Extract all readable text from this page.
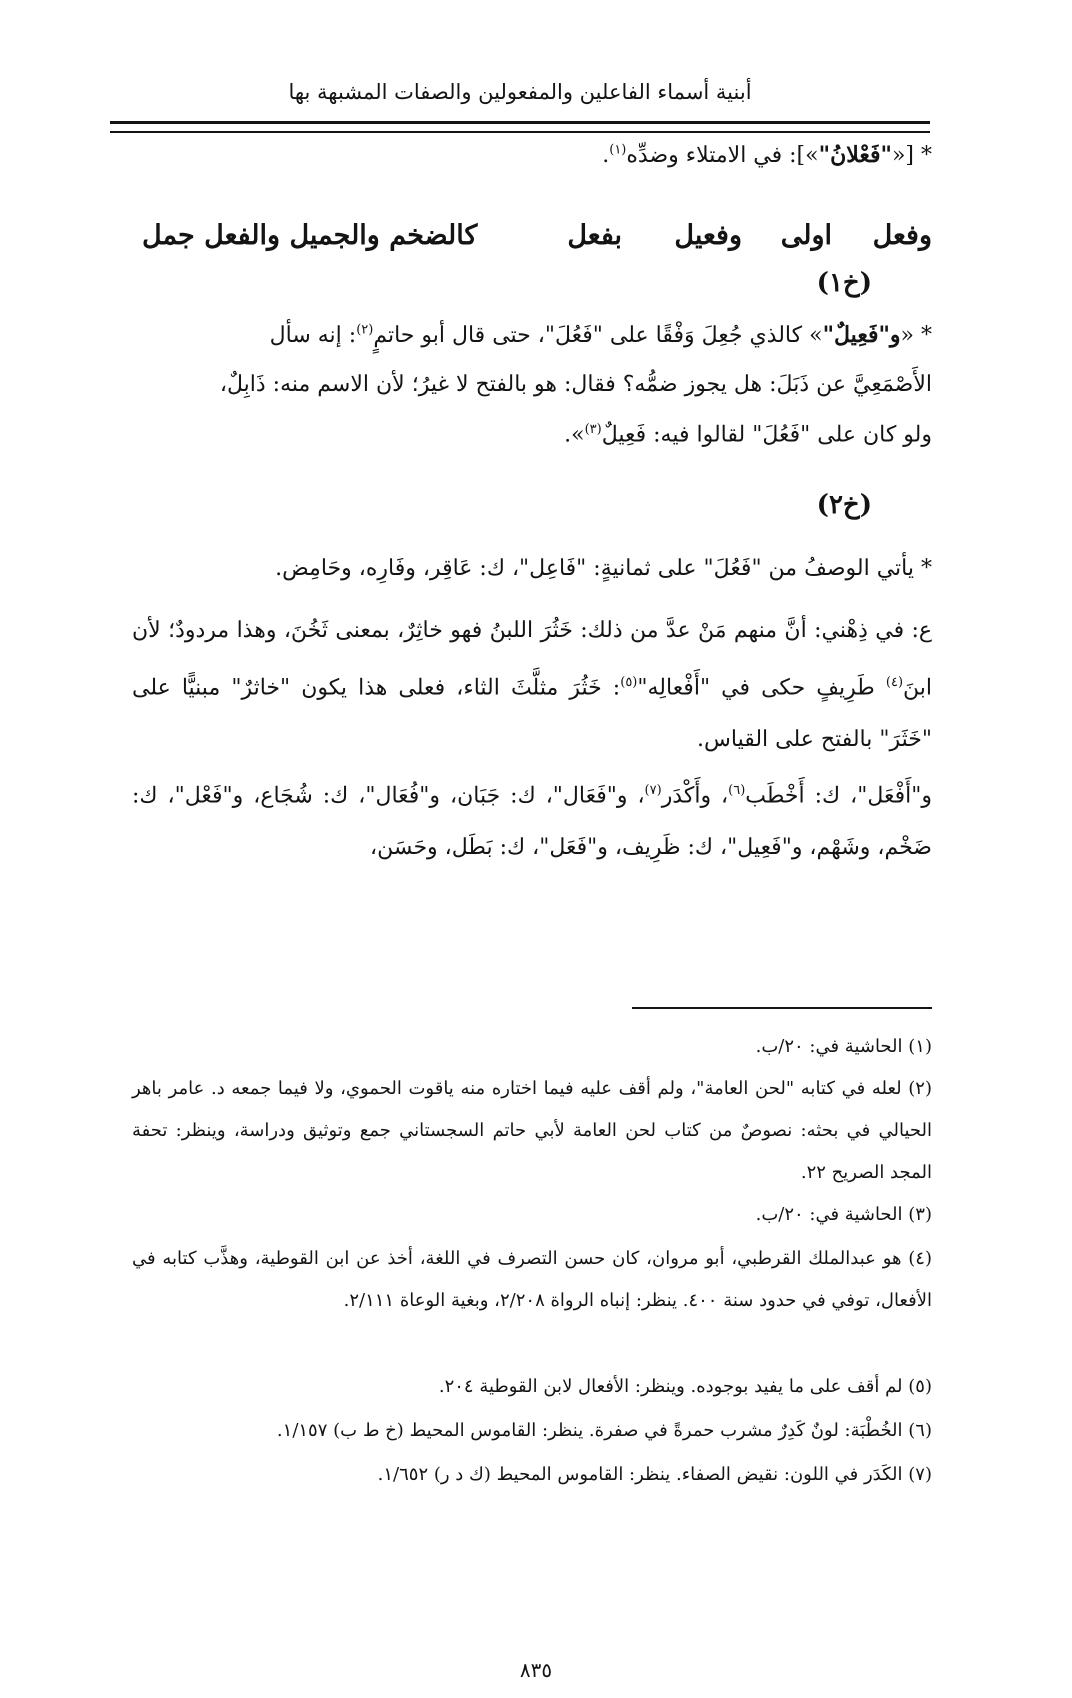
أبنية أسماء الفاعلين والمفعولين والصفات المشبهة بها
* [«"فَعْلانُ"»]: في الامتلاء وضدِّه$^{(١)}$.
وفعل
اولى
وفعيل
بفعل
كالضخم والجميل والفعل جمل
(خ١)
* «و"فَعِيلٌ"» كالذي جُعِلَ وَفْقًا على "فَعُلَ"، حتى قال أبو حاتمٍ$^{(٢)}$: إنه سأل
الأَصْمَعِيَّ عن ذَبَلَ: هل يجوز ضمُّه؟ فقال: هو بالفتح لا غيرُ؛ لأن الاسم منه: ذَابِلٌ،
ولو كان على "فَعُلَ" لقالوا فيه: فَعِيلٌ$^{(٣)}$».
(خ٢)
* يأتي الوصفُ من "فَعُلَ" على ثمانيةٍ: "فَاعِل"، ك: عَاقِر، وفَارِه، وحَامِض.
ع: في ذِهْني: أنَّ منهم مَنْ عدَّ من ذلك: خَثُرَ اللبنُ فهو خاثِرٌ، بمعنى ثَخُنَ، وهذا مردودٌ؛ لأن ابنَ$^{(٤)}$ طَرِيفٍ حكى في "أَفْعالِه"$^{(٥)}$: خَثُرَ مثلَّثَ الثاء، فعلى هذا يكون "خاثرٌ" مبنيًّا على "خَثَرَ" بالفتح على القياس.
و"أَفْعَل"، ك: أَخْطَب$^{(٦)}$، وأَكْدَر$^{(٧)}$، و"فَعَال"، ك: جَبَان، و"فُعَال"، ك: شُجَاع، و"فَعْل"، ك: ضَخْم، وشَهْم، و"فَعِيل"، ك: ظَرِيف، و"فَعَل"، ك: بَطَل، وحَسَن،
(١) الحاشية في: ٢٠/ب.
(٢) لعله في كتابه "لحن العامة"، ولم أقف عليه فيما اختاره منه ياقوت الحموي، ولا فيما جمعه د. عامر باهر الحيالي في بحثه: نصوصٌ من كتاب لحن العامة لأبي حاتم السجستاني جمع وتوثيق ودراسة، وينظر: تحفة المجد الصريح ٢٢.
(٣) الحاشية في: ٢٠/ب.
(٤) هو عبدالملك القرطبي، أبو مروان، كان حسن التصرف في اللغة، أخذ عن ابن القوطية، وهذَّب كتابه في الأفعال، توفي في حدود سنة ٤٠٠. ينظر: إنباه الرواة ٢/٢٠٨، وبغية الوعاة ٢/١١١.
(٥) لم أقف على ما يفيد بوجوده. وينظر: الأفعال لابن القوطية ٢٠٤.
(٦) الخُطْبَة: لونٌ كَدِرٌ مشرب حمرةً في صفرة. ينظر: القاموس المحيط (خ ط ب) ١/١٥٧.
(٧) الكَدَر في اللون: نقيض الصفاء. ينظر: القاموس المحيط (ك د ر) ١/٦٥٢.
٨٣٥
